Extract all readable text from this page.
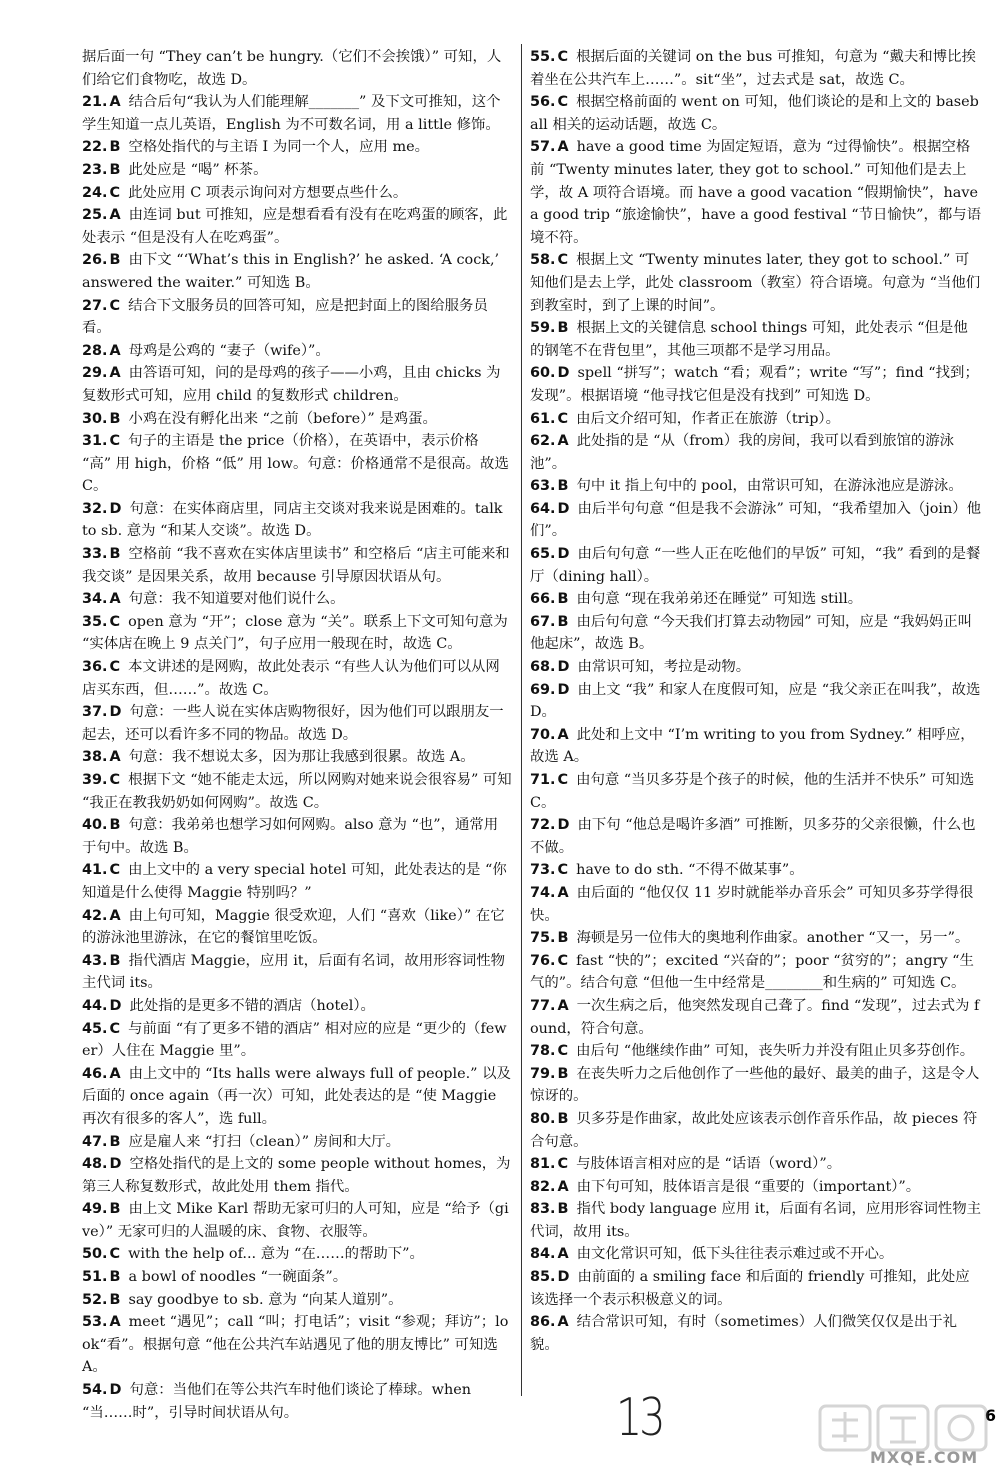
据后面一句 “They can’t be hungry.（它们不会挨饿）” 可知，人们给它们食物吃，故选 D。
21. A 结合后句“我认为人们能理解_______” 及下文可推知，这个学生知道一点儿英语，English 为不可数名词，用 a little 修饰。
22. B 空格处指代的与主语 I 为同一个人，应用 me。
23. B 此处应是 “喝” 杯茶。
24. C 此处应用 C 项表示询问对方想要点些什么。
25. A 由连词 but 可推知，应是想看看有没有在吃鸡蛋的顾客，此处表示 “但是没有人在吃鸡蛋”。
26. B 由下文 “‘What’s this in English?’ he asked. ‘A cock,’ answered the waiter.” 可知选 B。
27. C 结合下文服务员的回答可知，应是把封面上的图给服务员看。
28. A 母鸡是公鸡的 “妻子（wife）”。
29. A 由答语可知，问的是母鸡的孩子——小鸡，且由 chicks 为复数形式可知，应用 child 的复数形式 children。
30. B 小鸡在没有孵化出来 “之前（before）” 是鸡蛋。
31. C 句子的主语是 the price（价格），在英语中，表示价格 “高” 用 high，价格 “低” 用 low。句意：价格通常不是很高。故选 C。
32. D 句意：在实体商店里，同店主交谈对我来说是困难的。talk to sb. 意为 “和某人交谈”。故选 D。
33. B 空格前 “我不喜欢在实体店里读书” 和空格后 “店主可能来和我交谈” 是因果关系，故用 because 引导原因状语从句。
34. A 句意：我不知道要对他们说什么。
35. C open 意为 “开”；close 意为 “关”。联系上下文可知句意为 “实体店在晚上 9 点关门”，句子应用一般现在时，故选 C。
36. C 本文讲述的是网购，故此处表示 “有些人认为他们可以从网店买东西，但……”。故选 C。
37. D 句意：一些人说在实体店购物很好，因为他们可以跟朋友一起去，还可以看许多不同的物品。故选 D。
38. A 句意：我不想说太多，因为那让我感到很累。故选 A。
39. C 根据下文 “她不能走太远，所以网购对她来说会很容易” 可知 “我正在教我奶奶如何网购”。故选 C。
40. B 句意：我弟弟也想学习如何网购。also 意为 “也”，通常用于句中。故选 B。
41. C 由上文中的 a very special hotel 可知，此处表达的是 “你知道是什么使得 Maggie 特别吗？”
42. A 由上句可知，Maggie 很受欢迎，人们 “喜欢（like）” 在它的游泳池里游泳，在它的餐馆里吃饭。
43. B 指代酒店 Maggie，应用 it，后面有名词，故用形容词性物主代词 its。
44. D 此处指的是更多不错的酒店（hotel）。
45. C 与前面 “有了更多不错的酒店” 相对应的应是 “更少的（fewer）人住在 Maggie 里”。
46. A 由上文中的 “Its halls were always full of people.” 以及后面的 once again（再一次）可知，此处表达的是 “使 Maggie 再次有很多的客人”，选 full。
47. B 应是雇人来 “打扫（clean）” 房间和大厅。
48. D 空格处指代的是上文的 some people without homes，为第三人称复数形式，故此处用 them 指代。
49. B 由上文 Mike Karl 帮助无家可归的人可知，应是 “给予（give）” 无家可归的人温暖的床、食物、衣服等。
50. C with the help of... 意为 “在……的帮助下”。
51. B a bowl of noodles “一碗面条”。
52. B say goodbye to sb. 意为 “向某人道别”。
53. A meet “遇见”；call “叫；打电话”；visit “参观；拜访”；look“看”。根据句意 “他在公共汽车站遇见了他的朋友博比” 可知选 A。
54. D 句意：当他们在等公共汽车时他们谈论了棒球。when “当……时”，引导时间状语从句。
55. C 根据后面的关键词 on the bus 可推知，句意为 “戴夫和博比挨着坐在公共汽车上……”。sit“坐”，过去式是 sat，故选 C。
56. C 根据空格前面的 went on 可知，他们谈论的是和上文的 baseball 相关的运动话题，故选 C。
57. A have a good time 为固定短语，意为 “过得愉快”。根据空格前 “Twenty minutes later, they got to school.” 可知他们是去上学，故 A 项符合语境。而 have a good vacation “假期愉快”，have a good trip “旅途愉快”，have a good festival “节日愉快”，都与语境不符。
58. C 根据上文 “Twenty minutes later, they got to school.” 可知他们是去上学，此处 classroom（教室）符合语境。句意为 “当他们到教室时，到了上课的时间”。
59. B 根据上文的关键信息 school things 可知，此处表示 “但是他的钢笔不在背包里”，其他三项都不是学习用品。
60. D spell “拼写”；watch “看；观看”；write “写”；find “找到；发现”。根据语境 “他寻找它但是没有找到” 可知选 D。
61. C 由后文介绍可知，作者正在旅游（trip）。
62. A 此处指的是 “从（from）我的房间，我可以看到旅馆的游泳池”。
63. B 句中 it 指上句中的 pool，由常识可知，在游泳池应是游泳。
64. D 由后半句句意 “但是我不会游泳” 可知，“我希望加入（join）他们”。
65. D 由后句句意 “一些人正在吃他们的早饭” 可知，“我” 看到的是餐厅（dining hall）。
66. B 由句意 “现在我弟弟还在睡觉” 可知选 still。
67. B 由后句句意 “今天我们打算去动物园” 可知，应是 “我妈妈正叫他起床”，故选 B。
68. D 由常识可知，考拉是动物。
69. D 由上文 “我” 和家人在度假可知，应是 “我父亲正在叫我”，故选 D。
70. A 此处和上文中 “I’m writing to you from Sydney.” 相呼应，故选 A。
71. C 由句意 “当贝多芬是个孩子的时候，他的生活并不快乐” 可知选 C。
72. D 由下句 “他总是喝许多酒” 可推断，贝多芬的父亲很懒，什么也不做。
73. C have to do sth. “不得不做某事”。
74. A 由后面的 “他仅仅 11 岁时就能举办音乐会” 可知贝多芬学得很快。
75. B 海顿是另一位伟大的奥地利作曲家。another “又一，另一”。
76. C fast “快的”；excited “兴奋的”；poor “贫穷的”；angry “生气的”。结合句意 “但他一生中经常是________和生病的” 可知选 C。
77. A 一次生病之后，他突然发现自己聋了。find “发现”，过去式为 found，符合句意。
78. C 由后句 “他继续作曲” 可知，丧失听力并没有阻止贝多芬创作。
79. B 在丧失听力之后他创作了一些他的最好、最美的曲子，这是令人惊讶的。
80. B 贝多芬是作曲家，故此处应该表示创作音乐作品，故 pieces 符合句意。
81. C 与肢体语言相对应的是 “话语（word）”。
82. A 由下句可知，肢体语言是很 “重要的（important）”。
83. B 指代 body language 应用 it，后面有名词，应用形容词性物主代词，故用 its。
84. A 由文化常识可知，低下头往往表示难过或不开心。
85. D 由前面的 a smiling face 和后面的 friendly 可推知，此处应该选择一个表示积极意义的词。
86. A 结合常识可知，有时（sometimes）人们微笑仅仅是出于礼貌。
13	6
MXQE.COM
